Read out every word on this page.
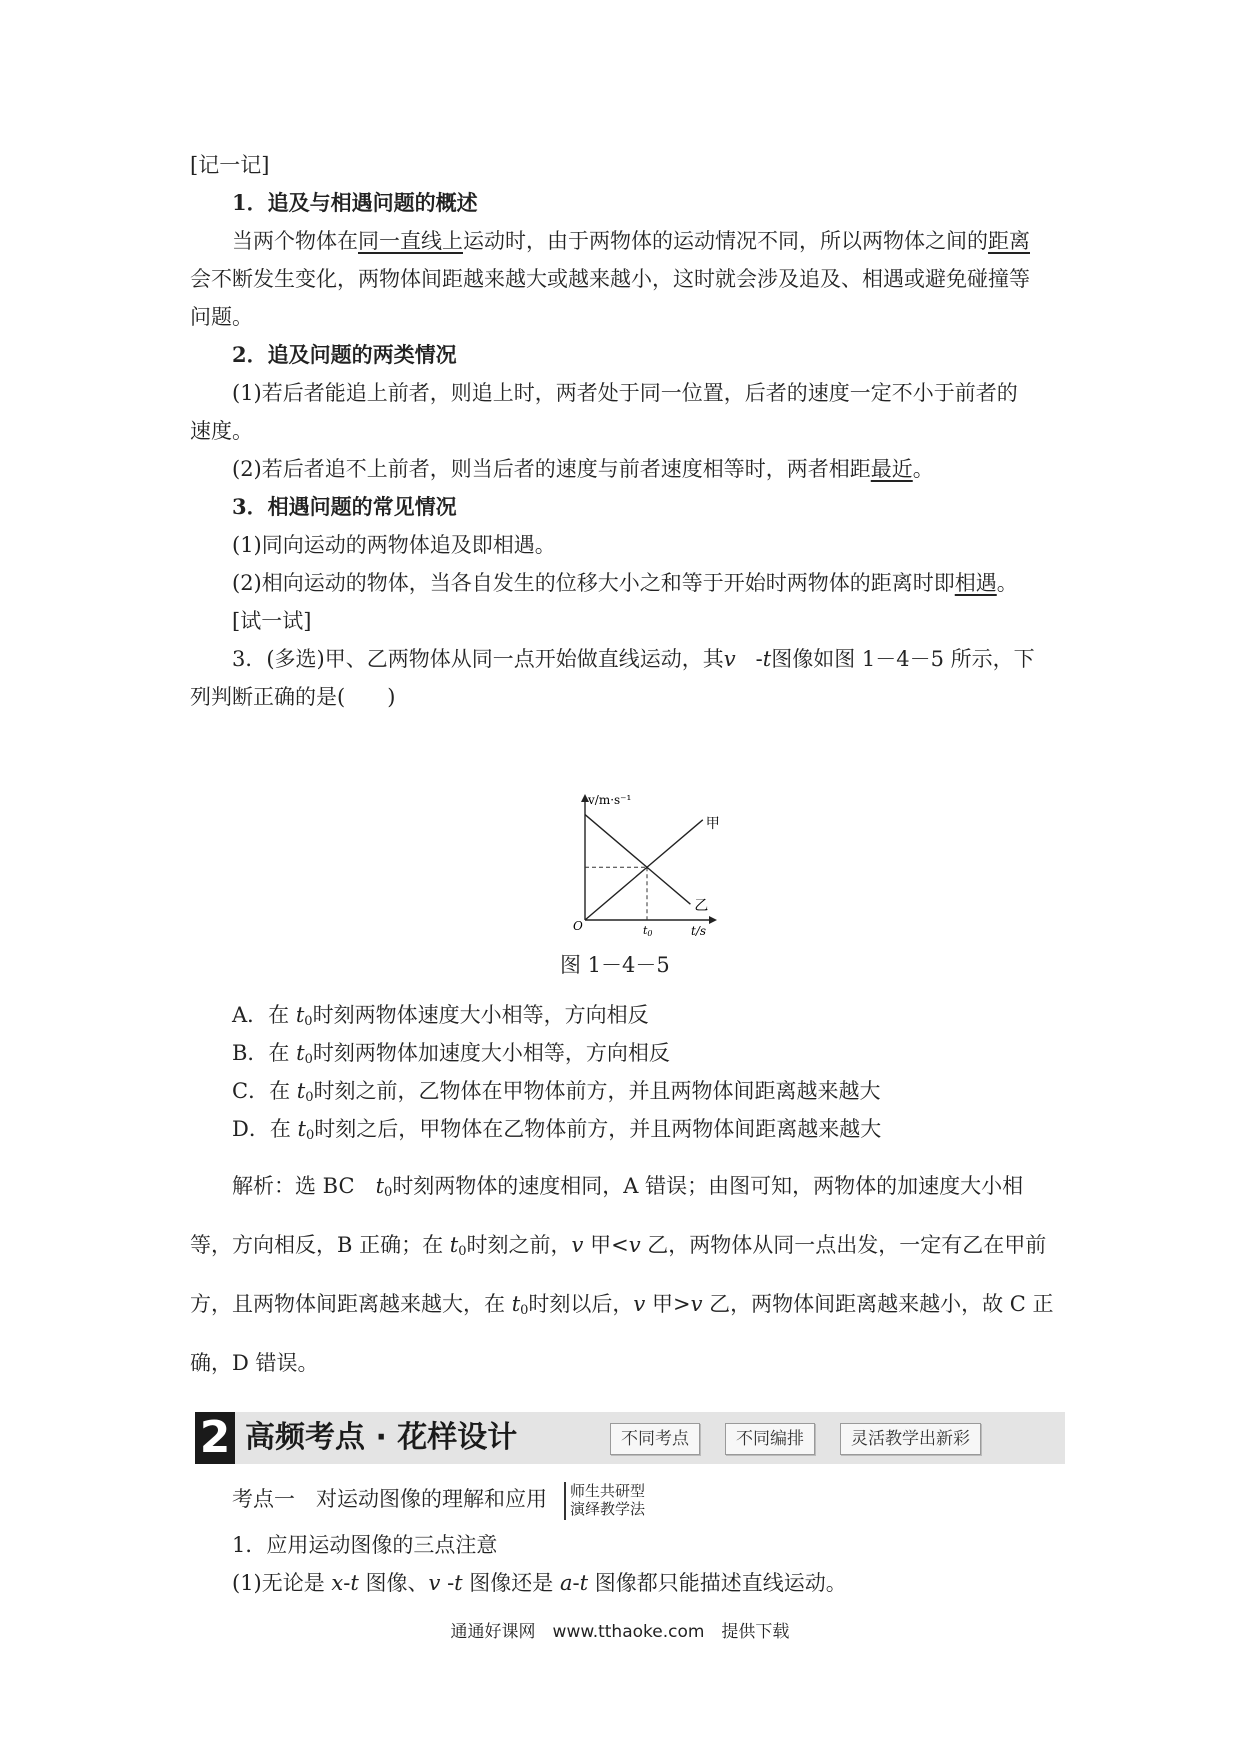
[记一记]
1．追及与相遇问题的概述
当两个物体在同一直线上运动时，由于两物体的运动情况不同，所以两物体之间的距离
会不断发生变化，两物体间距越来越大或越来越小，这时就会涉及追及、相遇或避免碰撞等
问题。
2．追及问题的两类情况
(1)若后者能追上前者，则追上时，两者处于同一位置，后者的速度一定不小于前者的
速度。
(2)若后者追不上前者，则当后者的速度与前者速度相等时，两者相距最近。
3．相遇问题的常见情况
(1)同向运动的两物体追及即相遇。
(2)相向运动的物体，当各自发生的位移大小之和等于开始时两物体的距离时即相遇。
[试一试]
3．(多选)甲、乙两物体从同一点开始做直线运动，其v -t图像如图 1－4－5 所示，下
列判断正确的是(　　)
v/m·s⁻¹
t/s
O	t0
甲
乙
图 1－4－5
A．在 $t_0$时刻两物体速度大小相等，方向相反
B．在 $t_0$时刻两物体加速度大小相等，方向相反
C．在 $t_0$时刻之前，乙物体在甲物体前方，并且两物体间距离越来越大
D．在 $t_0$时刻之后，甲物体在乙物体前方，并且两物体间距离越来越大
解析：选 BC　$t_0$时刻两物体的速度相同，A 错误；由图可知，两物体的加速度大小相
等，方向相反，B 正确；在 $t_0$时刻之前，v 甲<v 乙，两物体从同一点出发，一定有乙在甲前
方，且两物体间距离越来越大，在 $t_0$时刻以后，v 甲>v 乙，两物体间距离越来越小，故 C 正
确，D 错误。
2 高频考点 · 花样设计	不同考点	不同编排	灵活教学出新彩
考点一　 对运动图像的理解和应用 师生共研型
演绎教学法
1．应用运动图像的三点注意
(1)无论是 x-t 图像、v -t 图像还是 a-t 图像都只能描述直线运动。
通通好课网　www.tthaoke.com　提供下载
